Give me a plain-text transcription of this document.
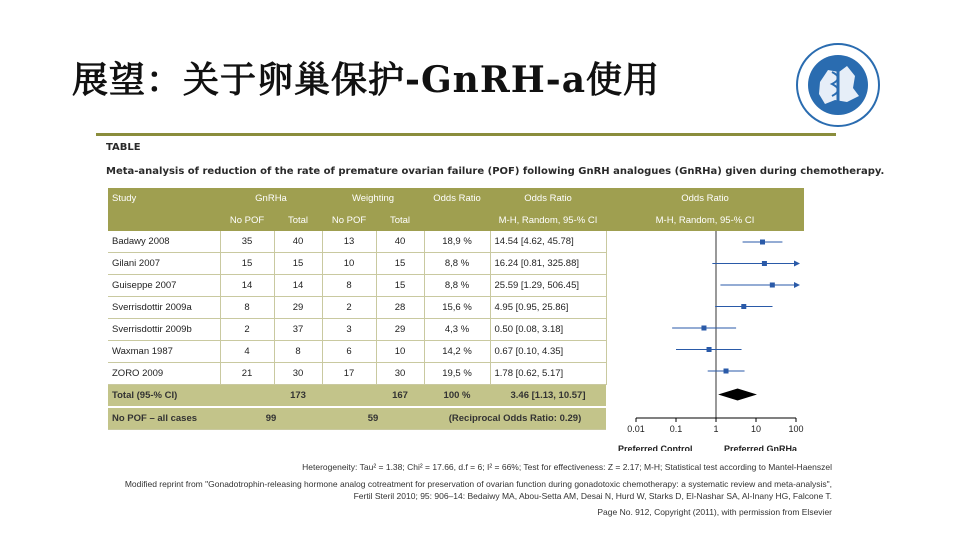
展望：关于卵巢保护-GnRH-a使用
TABLE
Meta-analysis of reduction of the rate of premature ovarian failure (POF) following GnRH analogues (GnRHa) given during chemotherapy.
Study	GnRHa		Weighting		Odds Ratio	Odds Ratio	Odds Ratio
	No POF	Total	No POF	Total		M-H, Random, 95-% CI	M-H, Random, 95-% CI
Badawy 2008	35	40	13	40	18,9 %	14.54 [4.62, 45.78]	
Gilani 2007	15	15	10	15	8,8 %	16.24 [0.81, 325.88]	
Guiseppe 2007	14	14	8	15	8,8 %	25.59 [1.29, 506.45]	
Sverrisdottir 2009a	8	29	2	28	15,6 %	4.95 [0.95, 25.86]	
Sverrisdottir 2009b	2	37	3	29	4,3 %	0.50 [0.08, 3.18]	
Waxman 1987	4	8	6	10	14,2 %	0.67 [0.10, 4.35]	
ZORO 2009	21	30	17	30	19,5 %	1.78 [0.62, 5.17]	
Total (95-% CI)		173		167	100 %	3.46 [1.13, 10.57]	
No POF – all cases	99		59		(Reciprocal Odds Ratio: 0.29)		
0.01	0.1	1	10	100
Preferred Control	Preferred GnRHa
Heterogeneity: Tau² = 1.38; Chi² = 17.66, d.f = 6; I² = 66%; Test for effectiveness: Z = 2.17; M-H; Statistical test according to Mantel-Haenszel
Modified reprint from "Gonadotrophin-releasing hormone analog cotreatment for preservation of ovarian function during gonadotoxic chemotherapy: a systematic review and meta-analysis",
Fertil Steril 2010; 95: 906–14: Bedaiwy MA, Abou-Setta AM, Desai N, Hurd W, Starks D, El-Nashar SA, Al-Inany HG, Falcone T.
Page No. 912, Copyright (2011), with permission from Elsevier
